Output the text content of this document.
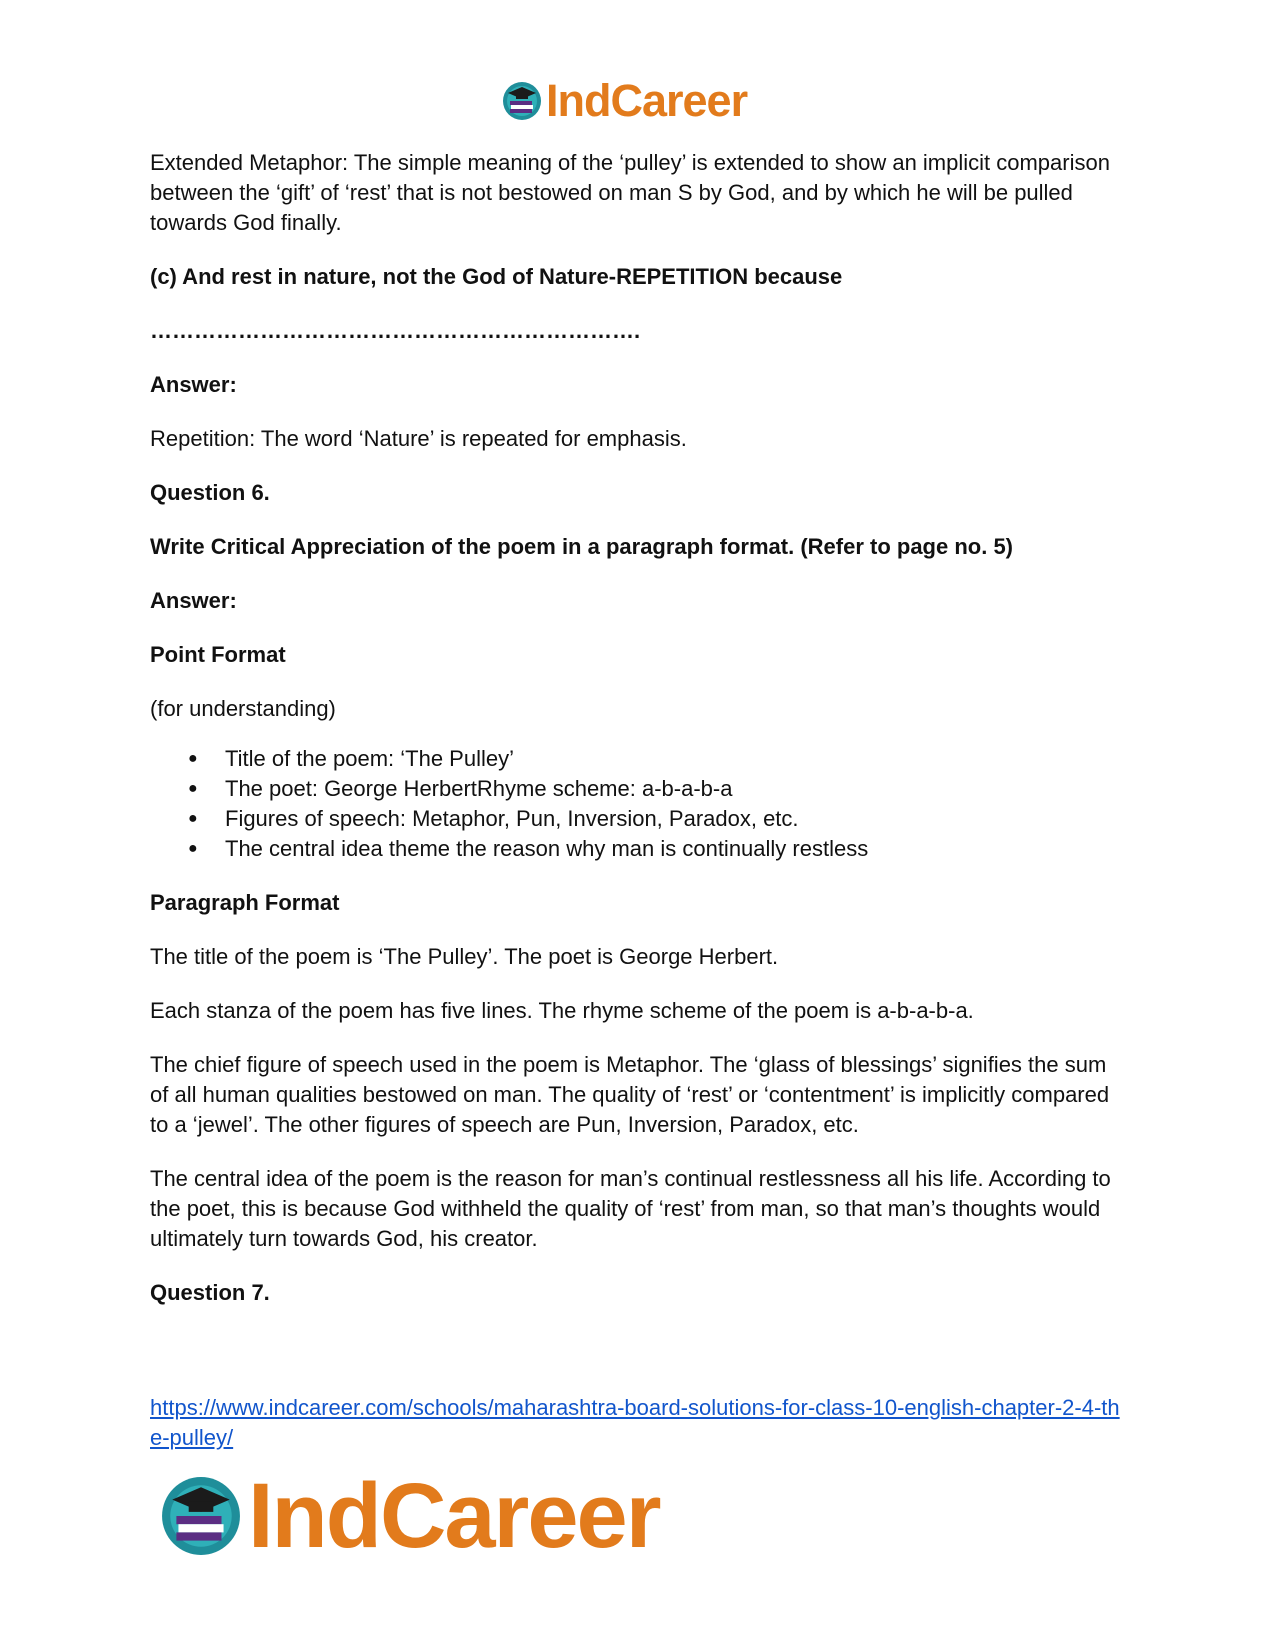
IndCareer

Extended Metaphor: The simple meaning of the ‘pulley’ is extended to show an implicit comparison between the ‘gift’ of ‘rest’ that is not bestowed on man S by God, and by which he will be pulled towards God finally.

(c) And rest in nature, not the God of Nature-REPETITION because

………………………………………………………….

Answer:

Repetition: The word ‘Nature’ is repeated for emphasis.

Question 6.

Write Critical Appreciation of the poem in a paragraph format. (Refer to page no. 5)

Answer:

Point Format

(for understanding)

● Title of the poem: ‘The Pulley’
● The poet: George HerbertRhyme scheme: a-b-a-b-a
● Figures of speech: Metaphor, Pun, Inversion, Paradox, etc.
● The central idea theme the reason why man is continually restless

Paragraph Format

The title of the poem is ‘The Pulley’. The poet is George Herbert.

Each stanza of the poem has five lines. The rhyme scheme of the poem is a-b-a-b-a.

The chief figure of speech used in the poem is Metaphor. The ‘glass of blessings’ signifies the sum of all human qualities bestowed on man. The quality of ‘rest’ or ‘contentment’ is implicitly compared to a ‘jewel’. The other figures of speech are Pun, Inversion, Paradox, etc.

The central idea of the poem is the reason for man’s continual restlessness all his life. According to the poet, this is because God withheld the quality of ‘rest’ from man, so that man’s thoughts would ultimately turn towards God, his creator.

Question 7.

https://www.indcareer.com/schools/maharashtra-board-solutions-for-class-10-english-chapter-2-4-the-pulley/
IndCareer
